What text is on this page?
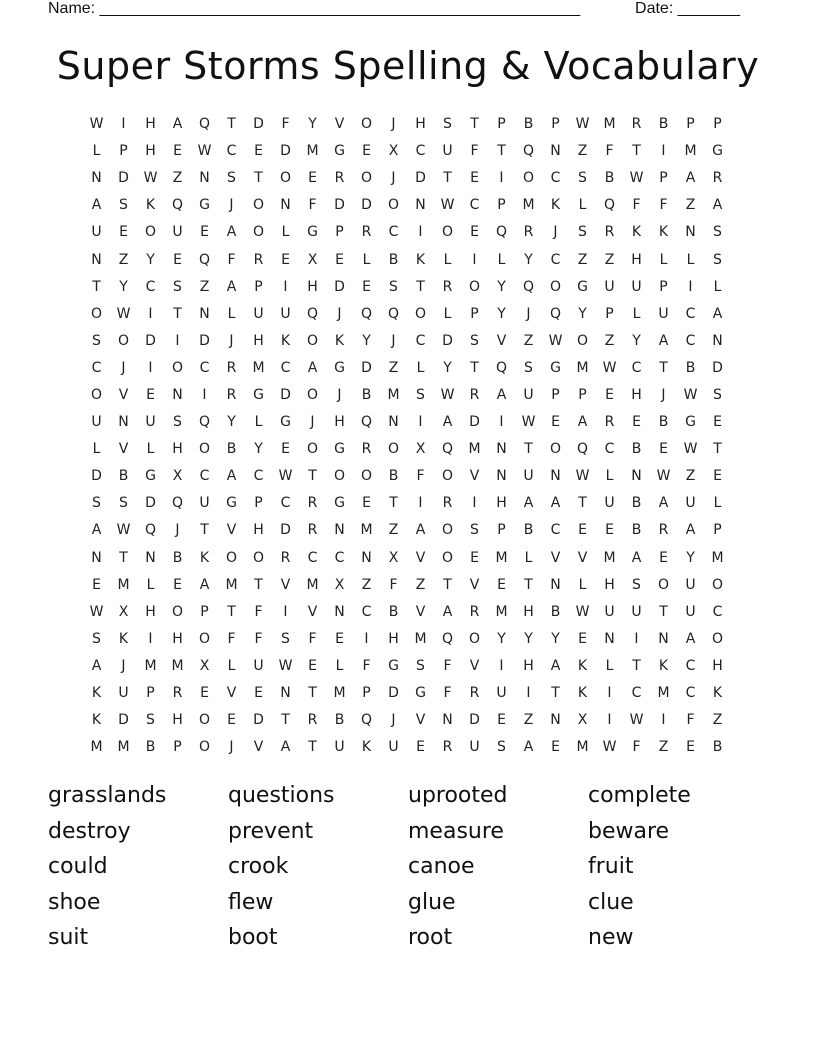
Name: ______________________________________________________	Date: _______
Super Storms Spelling & Vocabulary
W	I	H	A	Q	T	D	F	Y	V	O	J	H	S	T	P	B	P	W	M	R	B	P	P
L	P	H	E	W	C	E	D	M	G	E	X	C	U	F	T	Q	N	Z	F	T	I	M	G
N	D	W	Z	N	S	T	O	E	R	O	J	D	T	E	I	O	C	S	B	W	P	A	R
A	S	K	Q	G	J	O	N	F	D	D	O	N	W	C	P	M	K	L	Q	F	F	Z	A
U	E	O	U	E	A	O	L	G	P	R	C	I	O	E	Q	R	J	S	R	K	K	N	S
N	Z	Y	E	Q	F	R	E	X	E	L	B	K	L	I	L	Y	C	Z	Z	H	L	L	S
T	Y	C	S	Z	A	P	I	H	D	E	S	T	R	O	Y	Q	O	G	U	U	P	I	L
O	W	I	T	N	L	U	U	Q	J	Q	Q	O	L	P	Y	J	Q	Y	P	L	U	C	A
S	O	D	I	D	J	H	K	O	K	Y	J	C	D	S	V	Z	W	O	Z	Y	A	C	N
C	J	I	O	C	R	M	C	A	G	D	Z	L	Y	T	Q	S	G	M	W	C	T	B	D
O	V	E	N	I	R	G	D	O	J	B	M	S	W	R	A	U	P	P	E	H	J	W	S
U	N	U	S	Q	Y	L	G	J	H	Q	N	I	A	D	I	W	E	A	R	E	B	G	E
L	V	L	H	O	B	Y	E	O	G	R	O	X	Q	M	N	T	O	Q	C	B	E	W	T
D	B	G	X	C	A	C	W	T	O	O	B	F	O	V	N	U	N	W	L	N	W	Z	E
S	S	D	Q	U	G	P	C	R	G	E	T	I	R	I	H	A	A	T	U	B	A	U	L
A	W	Q	J	T	V	H	D	R	N	M	Z	A	O	S	P	B	C	E	E	B	R	A	P
N	T	N	B	K	O	O	R	C	C	N	X	V	O	E	M	L	V	V	M	A	E	Y	M
E	M	L	E	A	M	T	V	M	X	Z	F	Z	T	V	E	T	N	L	H	S	O	U	O
W	X	H	O	P	T	F	I	V	N	C	B	V	A	R	M	H	B	W	U	U	T	U	C
S	K	I	H	O	F	F	S	F	E	I	H	M	Q	O	Y	Y	Y	E	N	I	N	A	O
A	J	M	M	X	L	U	W	E	L	F	G	S	F	V	I	H	A	K	L	T	K	C	H
K	U	P	R	E	V	E	N	T	M	P	D	G	F	R	U	I	T	K	I	C	M	C	K
K	D	S	H	O	E	D	T	R	B	Q	J	V	N	D	E	Z	N	X	I	W	I	F	Z
M	M	B	P	O	J	V	A	T	U	K	U	E	R	U	S	A	E	M	W	F	Z	E	B
grasslands	questions	uprooted	complete
destroy	prevent	measure	beware
could	crook	canoe	fruit
shoe	flew	glue	clue
suit	boot	root	new
